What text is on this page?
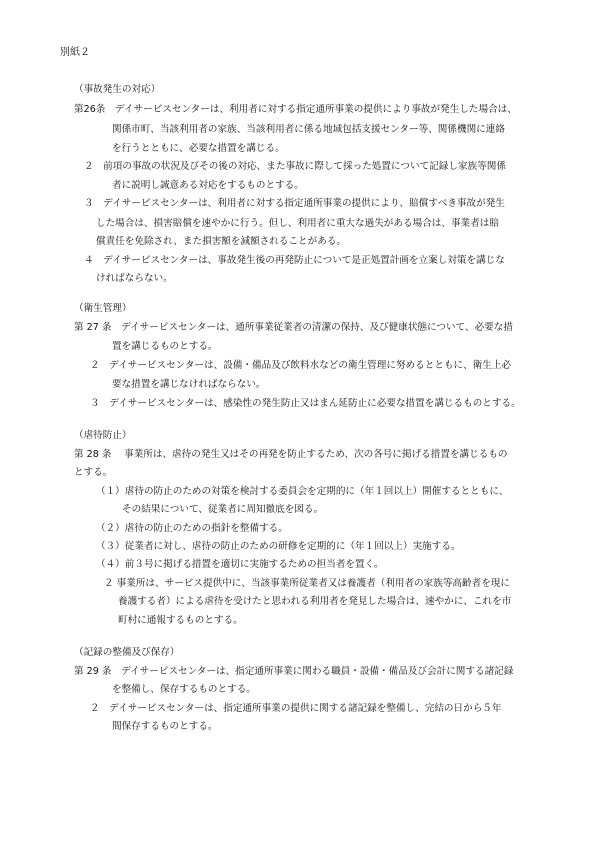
別紙２
（事故発生の対応）

第26条　デイサービスセンターは、利用者に対する指定通所事業の提供により事故が発生した場合は、

関係市町、当該利用者の家族、当該利用者に係る地域包括支援センター等、関係機関に連絡

を行うとともに、必要な措置を講じる。

２　前項の事故の状況及びその後の対応、また事故に際して採った処置について記録し家族等関係

者に説明し誠意ある対応をするものとする。

３　デイサービスセンターは、利用者に対する指定通所事業の提供により、賠償すべき事故が発生

した場合は、損害賠償を速やかに行う。但し、利用者に重大な過失がある場合は、事業者は賠

償責任を免除され、また損害額を減額されることがある。

４　デイサービスセンターは、事故発生後の再発防止について是正処置計画を立案し対策を講じな

ければならない。

（衛生管理）

第 27 条　デイサービスセンターは、通所事業従業者の清潔の保持、及び健康状態について、必要な措

置を講じるものとする。

２　デイサービスセンターは、設備・備品及び飲料水などの衛生管理に努めるとともに、衛生上必

要な措置を講じなければならない。

３　デイサービスセンターは、感染性の発生防止又はまん延防止に必要な措置を講じるものとする。

（虐待防止）

第 28 条　 事業所は、虐待の発生又はその再発を防止するため、次の各号に掲げる措置を講じるもの

とする。

（１）虐待の防止のための対策を検討する委員会を定期的に（年１回以上）開催するとともに、

その結果について、従業者に周知徹底を図る。

（２）虐待の防止のための指針を整備する。

（３）従業者に対し、虐待の防止のための研修を定期的に（年１回以上）実施する。

（４）前３号に掲げる措置を適切に実施するための担当者を置く。

２ 事業所は、サービス提供中に、当該事業所従業者又は養護者（利用者の家族等高齢者を現に

養護する者）による虐待を受けたと思われる利用者を発見した場合は、速やかに、これを市

町村に通報するものとする。

（記録の整備及び保存）

第 29 条　デイサービスセンターは、指定通所事業に関わる職員・設備・備品及び会計に関する諸記録

を整備し、保存するものとする。

２　デイサービスセンターは、指定通所事業の提供に関する諸記録を整備し、完結の日から５年

間保存するものとする。
